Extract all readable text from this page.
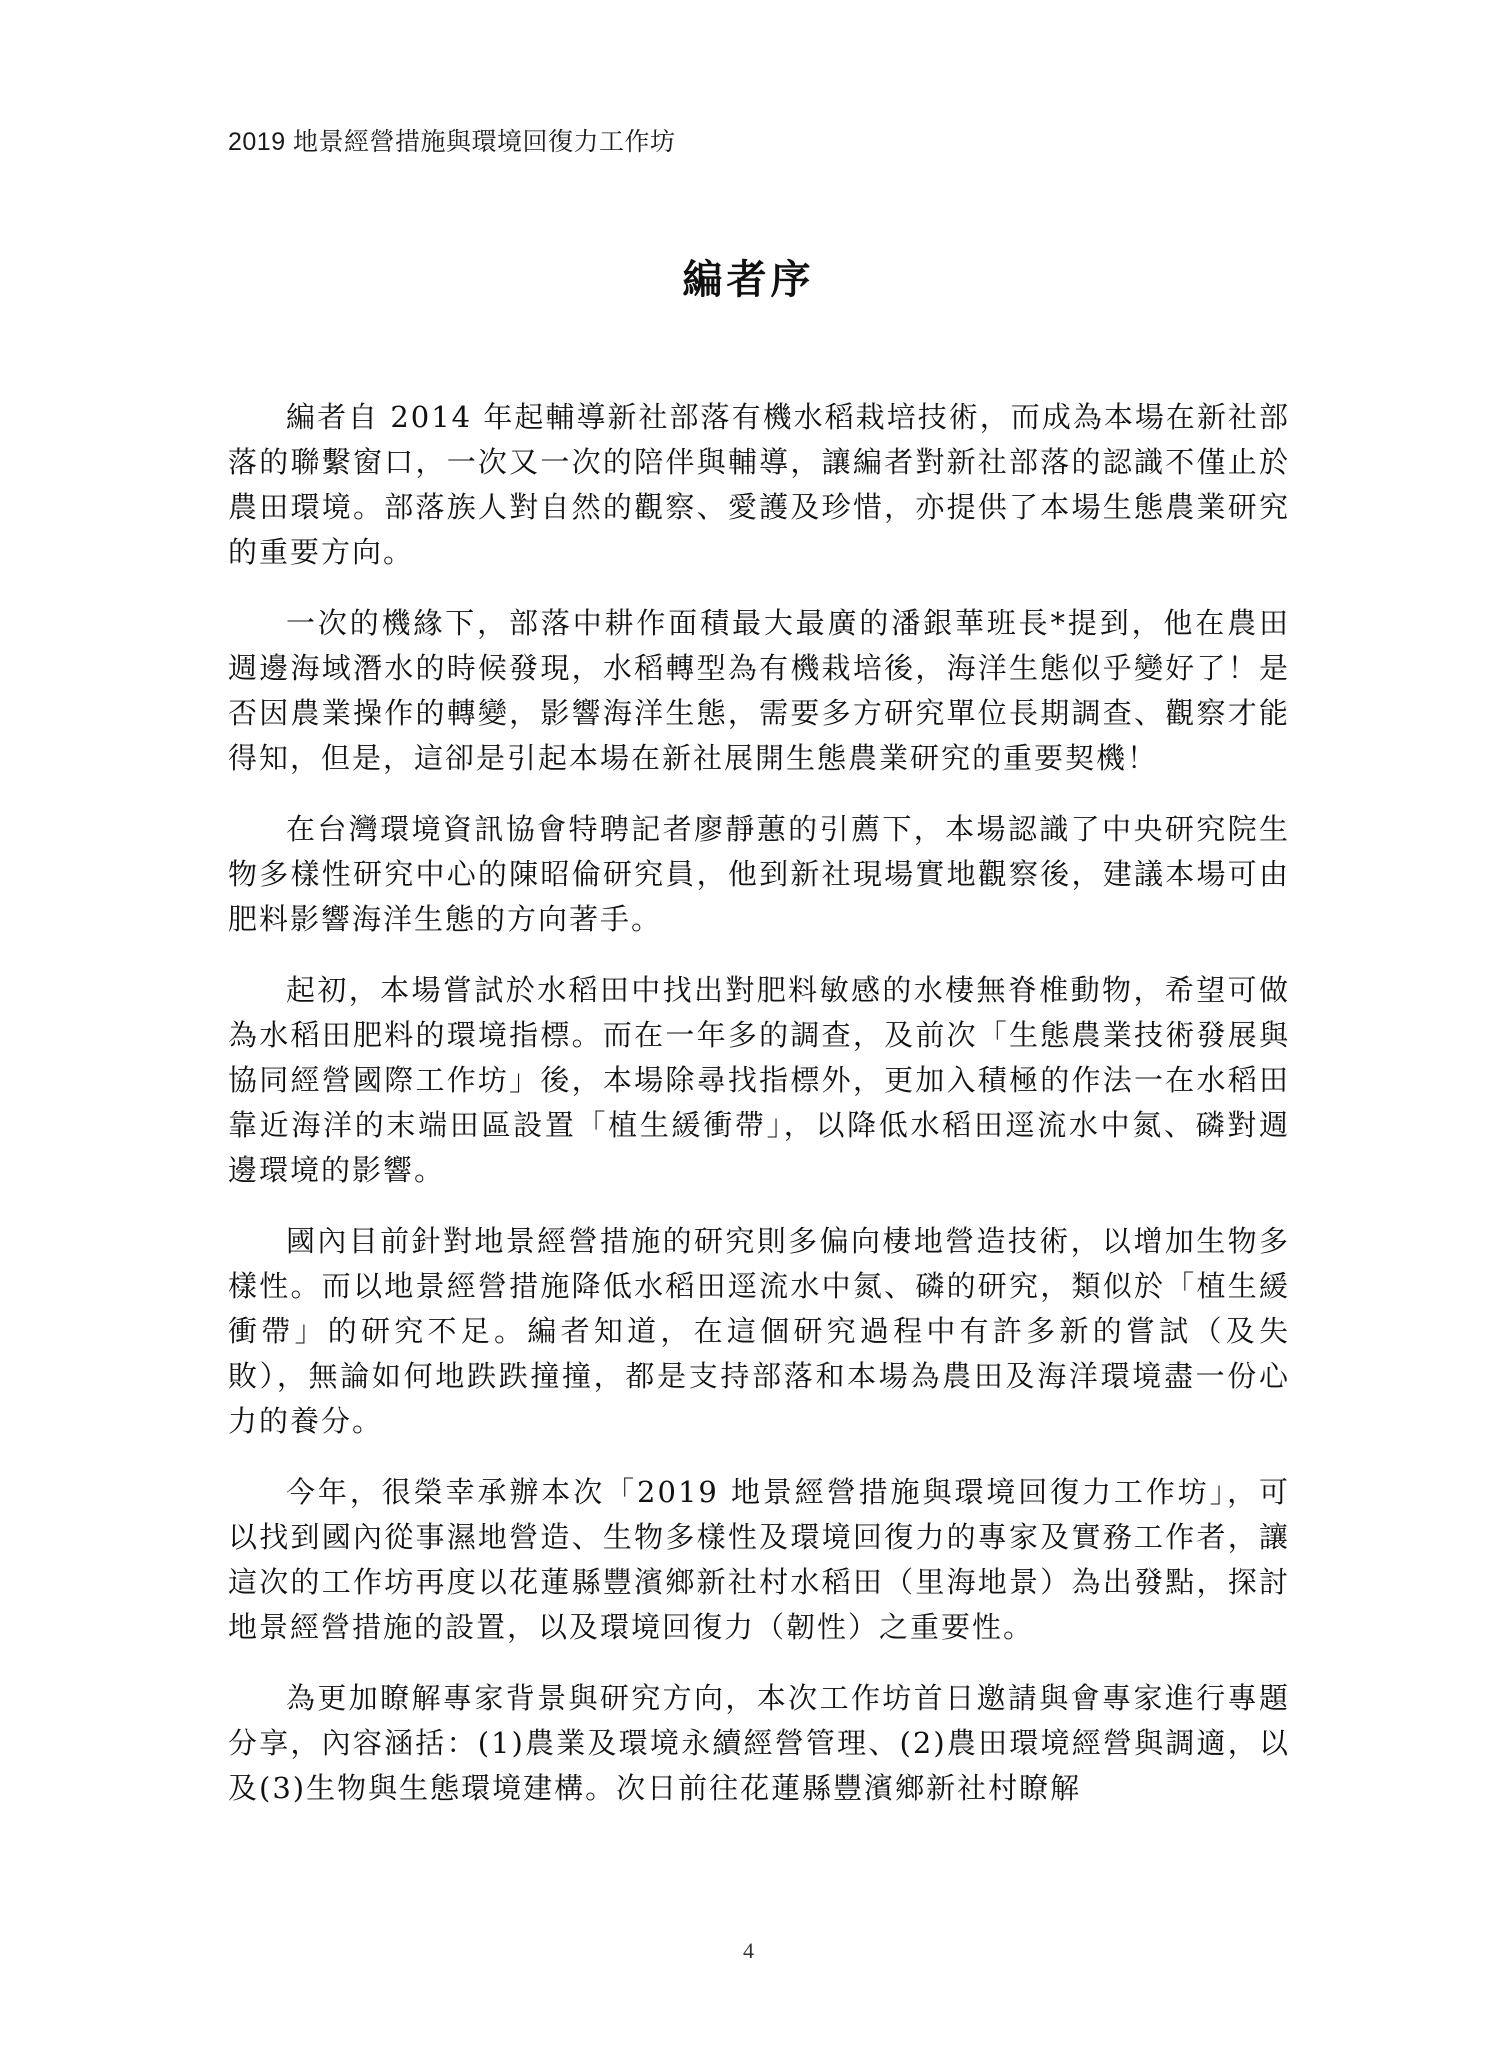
2019 地景經營措施與環境回復力工作坊
編者序

編者自 2014 年起輔導新社部落有機水稻栽培技術，而成為本場在新社部落的聯繫窗口，一次又一次的陪伴與輔導，讓編者對新社部落的認識不僅止於農田環境。部落族人對自然的觀察、愛護及珍惜，亦提供了本場生態農業研究的重要方向。

一次的機緣下，部落中耕作面積最大最廣的潘銀華班長*提到，他在農田週邊海域潛水的時候發現，水稻轉型為有機栽培後，海洋生態似乎變好了！是否因農業操作的轉變，影響海洋生態，需要多方研究單位長期調查、觀察才能得知，但是，這卻是引起本場在新社展開生態農業研究的重要契機！

在台灣環境資訊協會特聘記者廖靜蕙的引薦下，本場認識了中央研究院生物多樣性研究中心的陳昭倫研究員，他到新社現場實地觀察後，建議本場可由肥料影響海洋生態的方向著手。

起初，本場嘗試於水稻田中找出對肥料敏感的水棲無脊椎動物，希望可做為水稻田肥料的環境指標。而在一年多的調查，及前次「生態農業技術發展與協同經營國際工作坊」後，本場除尋找指標外，更加入積極的作法一在水稻田靠近海洋的末端田區設置「植生緩衝帶」，以降低水稻田逕流水中氮、磷對週邊環境的影響。

國內目前針對地景經營措施的研究則多偏向棲地營造技術，以增加生物多樣性。而以地景經營措施降低水稻田逕流水中氮、磷的研究，類似於「植生緩衝帶」的研究不足。編者知道，在這個研究過程中有許多新的嘗試（及失敗），無論如何地跌跌撞撞，都是支持部落和本場為農田及海洋環境盡一份心力的養分。

今年，很榮幸承辦本次「2019 地景經營措施與環境回復力工作坊」，可以找到國內從事濕地營造、生物多樣性及環境回復力的專家及實務工作者，讓這次的工作坊再度以花蓮縣豐濱鄉新社村水稻田（里海地景）為出發點，探討地景經營措施的設置，以及環境回復力（韌性）之重要性。

為更加瞭解專家背景與研究方向，本次工作坊首日邀請與會專家進行專題分享，內容涵括：(1)農業及環境永續經營管理、(2)農田環境經營與調適，以及(3)生物與生態環境建構。次日前往花蓮縣豐濱鄉新社村瞭解

4
